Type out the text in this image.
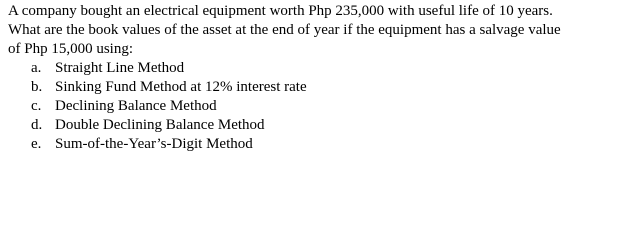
A company bought an electrical equipment worth Php 235,000 with useful life of 10 years.
What are the book values of the asset at the end of year if the equipment has a salvage value
of Php 15,000 using:

a. Straight Line Method
b. Sinking Fund Method at 12% interest rate
c. Declining Balance Method
d. Double Declining Balance Method
e. Sum-of-the-Year’s-Digit Method
